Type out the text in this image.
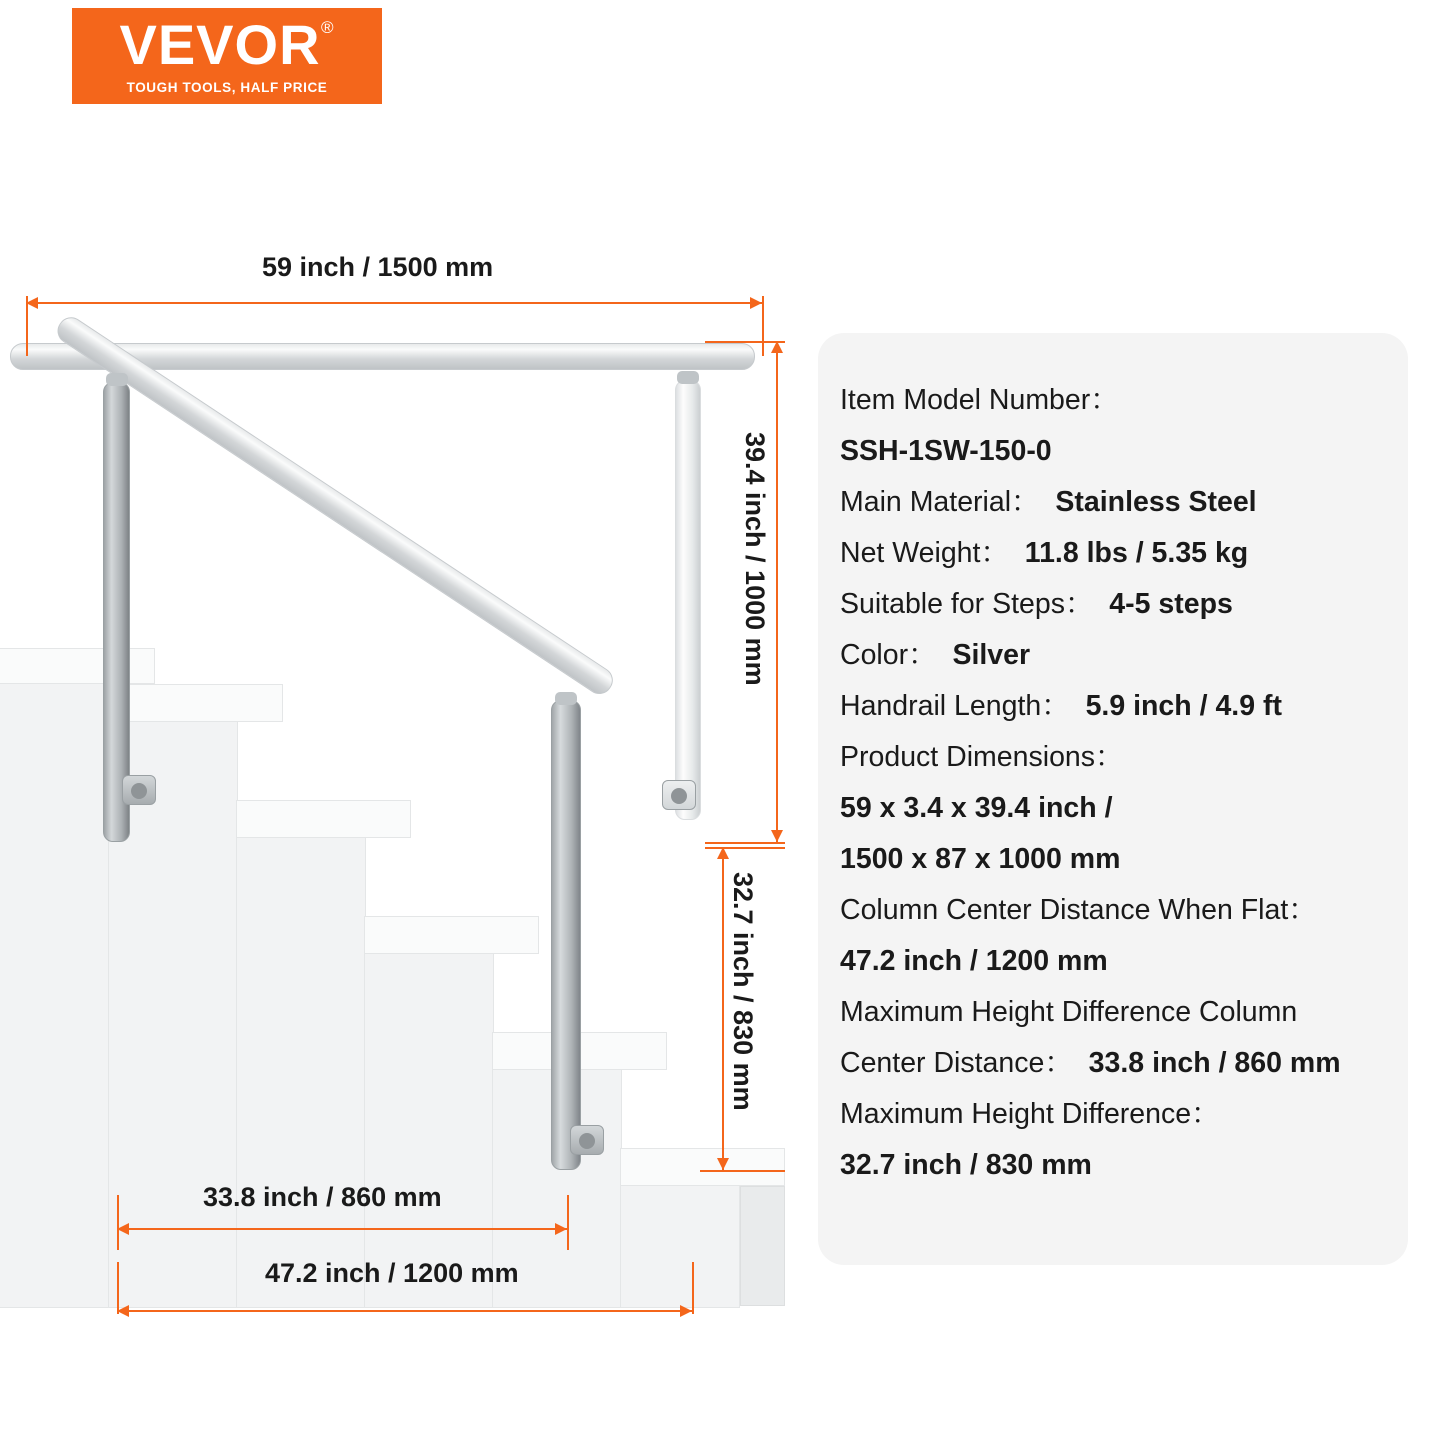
VEVOR ®
TOUGH TOOLS, HALF PRICE
59 inch / 1500 mm
39.4 inch / 1000 mm
32.7 inch / 830 mm
33.8 inch / 860 mm
47.2 inch / 1200 mm
Item Model Number：
SSH-1SW-150-0
Main Material：  Stainless Steel
Net Weight：  11.8 lbs / 5.35 kg
Suitable for Steps：  4-5 steps
Color：  Silver
Handrail Length：  5.9 inch / 4.9 ft
Product Dimensions：
59 x 3.4 x 39.4 inch /
1500 x 87 x 1000 mm
Column Center Distance When Flat：
47.2 inch / 1200 mm
Maximum Height Difference Column
Center Distance：  33.8 inch / 860 mm
Maximum Height Difference：
32.7 inch / 830 mm
